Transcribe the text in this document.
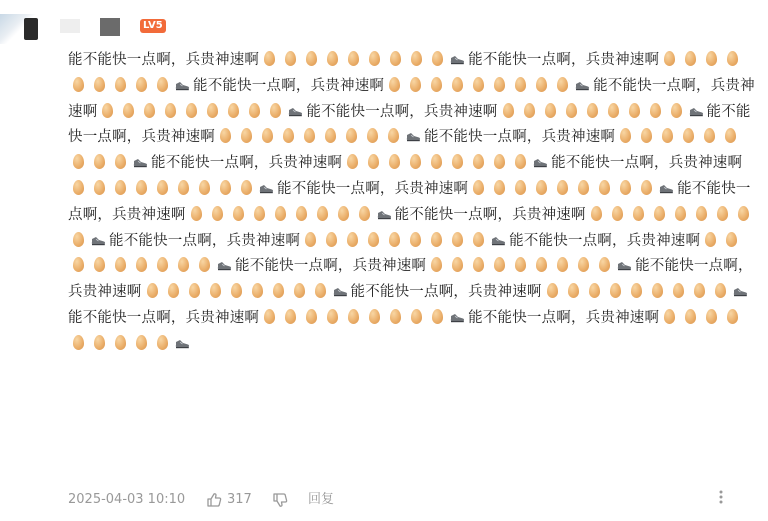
LV5
能不能快一点啊，兵贵神速啊	能不能快一点啊，兵贵神速啊能不能快一点啊，兵贵神速啊	能不能快一点啊，兵贵神速啊	能不能快一点啊，兵贵神速啊	能不能快一点啊，兵贵神速啊	能不能快一点啊，兵贵神速啊能不能快一点啊，兵贵神速啊	能不能快一点啊，兵贵神速啊能不能快一点啊，兵贵神速啊	能不能快一点啊，兵贵神速啊	能不能快一点啊，兵贵神速啊能不能快一点啊，兵贵神速啊	能不能快一点啊，兵贵神速啊能不能快一点啊，兵贵神速啊	能不能快一点啊，兵贵神速啊	能不能快一点啊，兵贵神速啊能不能快一点啊，兵贵神速啊	能不能快一点啊，兵贵神速啊
2025-04-03 10:10	317	回复
